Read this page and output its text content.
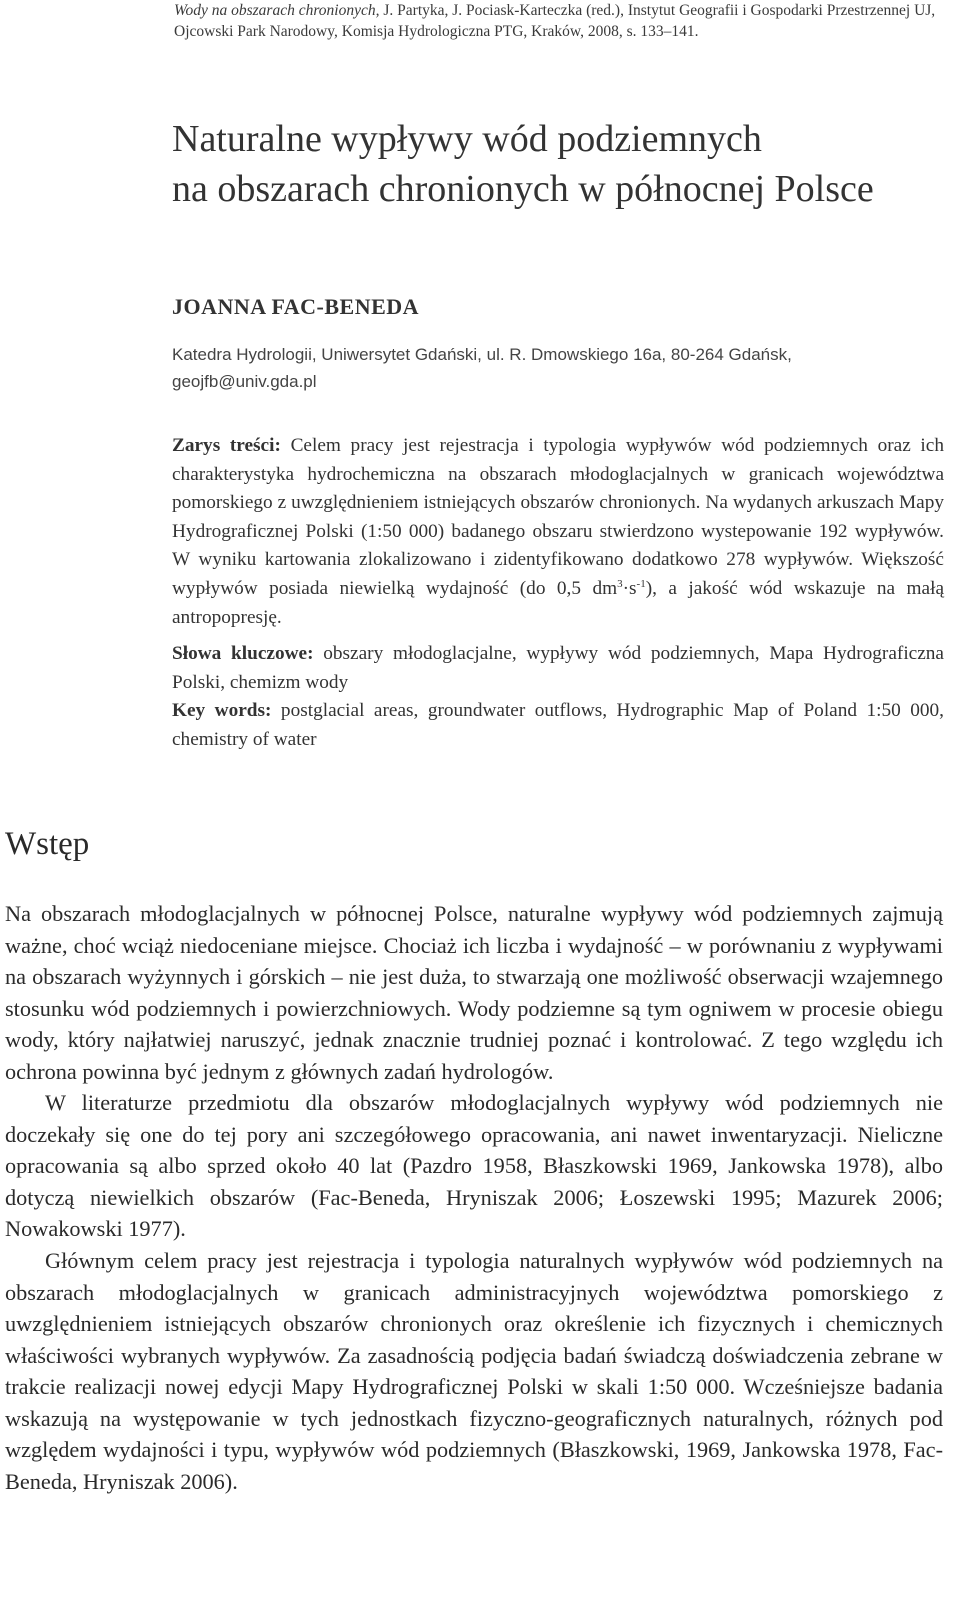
Wody na obszarach chronionych, J. Partyka, J. Pociask-Karteczka (red.), Instytut Geografii i Gospodarki Przestrzennej UJ, Ojcowski Park Narodowy, Komisja Hydrologiczna PTG, Kraków, 2008, s. 133–141.
Naturalne wypływy wód podziemnych
na obszarach chronionych w północnej Polsce
JOANNA FAC-BENEDA
Katedra Hydrologii, Uniwersytet Gdański, ul. R. Dmowskiego 16a, 80-264 Gdańsk,
geojfb@univ.gda.pl

Zarys treści: Celem pracy jest rejestracja i typologia wypływów wód podziemnych oraz ich charakterystyka hydrochemiczna na obszarach młodoglacjalnych w granicach województwa pomorskiego z uwzględnieniem istniejących obszarów chronionych. Na wydanych arkuszach Mapy Hydrograficznej Polski (1:50 000) badanego obszaru stwierdzono wystepowanie 192 wypływów. W wyniku kartowania zlokalizowano i zidentyfikowano dodatkowo 278 wypływów. Większość wypływów posiada niewielką wydajność (do 0,5 $dm^3\cdot s^{-1}$), a jakość wód wskazuje na małą antropopresję.

Słowa kluczowe: obszary młodoglacjalne, wypływy wód podziemnych, Mapa Hydrograficzna Polski, chemizm wody

Key words: postglacial areas, groundwater outflows, Hydrographic Map of Poland 1:50 000, chemistry of water

Wstęp

Na obszarach młodoglacjalnych w północnej Polsce, naturalne wypływy wód podziemnych zajmują ważne, choć wciąż niedoceniane miejsce. Chociaż ich liczba i wydajność – w porównaniu z wypływami na obszarach wyżynnych i górskich – nie jest duża, to stwarzają one możliwość obserwacji wzajemnego stosunku wód podziemnych i powierzchniowych. Wody podziemne są tym ogniwem w procesie obiegu wody, który najłatwiej naruszyć, jednak znacznie trudniej poznać i kontrolować. Z tego względu ich ochrona powinna być jednym z głównych zadań hydrologów.

W literaturze przedmiotu dla obszarów młodoglacjalnych wypływy wód podziemnych nie doczekały się one do tej pory ani szczegółowego opracowania, ani nawet inwentaryzacji. Nieliczne opracowania są albo sprzed około 40 lat (Pazdro 1958, Błaszkowski 1969, Jankowska 1978), albo dotyczą niewielkich obszarów (Fac-Beneda, Hryniszak 2006; Łoszewski 1995; Mazurek 2006; Nowakowski 1977).

Głównym celem pracy jest rejestracja i typologia naturalnych wypływów wód podziemnych na obszarach młodoglacjalnych w granicach administracyjnych województwa pomorskiego z uwzględnieniem istniejących obszarów chronionych oraz określenie ich fizycznych i chemicznych właściwości wybranych wypływów. Za zasadnością podjęcia badań świadczą doświadczenia zebrane w trakcie realizacji nowej edycji Mapy Hydrograficznej Polski w skali 1:50 000. Wcześniejsze badania wskazują na występowanie w tych jednostkach fizyczno-geograficznych naturalnych, różnych pod względem wydajności i typu, wypływów wód podziemnych (Błaszkowski, 1969, Jankowska 1978, Fac-Beneda, Hryniszak 2006).
